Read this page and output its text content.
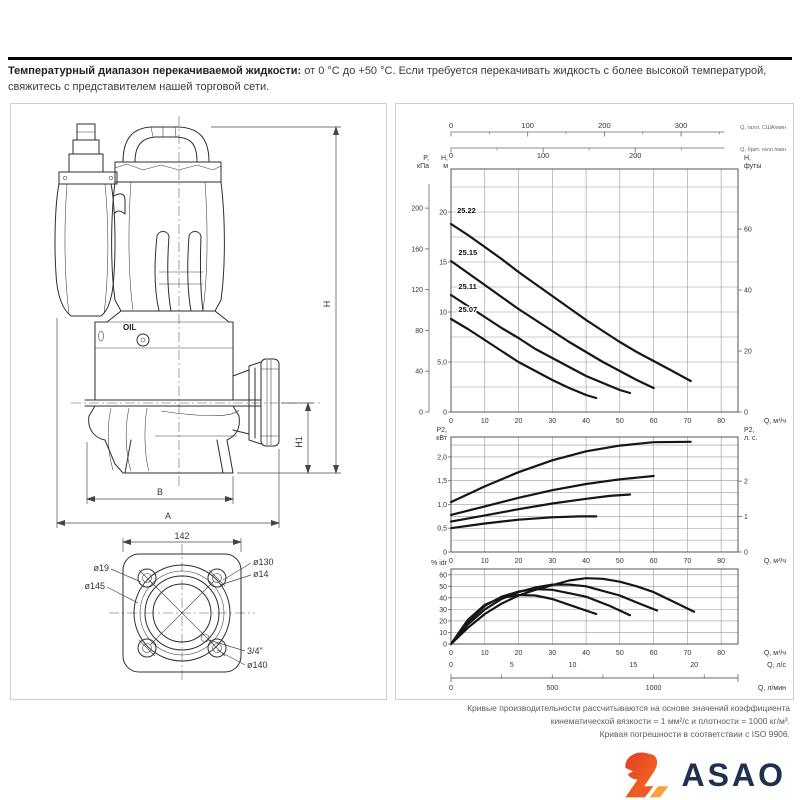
Температурный диапазон перекачиваемой жидкости: от 0 °C до +50 °C. Если требуется перекачивать жидкость с более высокой температурой, свяжитесь с представителем нашей торговой сети.
OIL
H
H1
B
A
142
ø19
ø145
ø130
ø14
3/4"
ø140
0	100	200	300	Q, галл. США/мин
0	100	200
Q, брит. галл./мин
25.22
25.15
25.11
25.07
0	10	20	30	40	50	60	70	80	Q, м³/ч
0	10	20	30	40	50	60	70	80	Q, м³/ч
0	10	20	30	40	50	60	70	80	Q, м³/ч
20
15
10
5,0
0
200
160
120
80
40
0
60
40
20
0
P,
кПа
H,
м
H,
футы
2,0
1,5
1,0
0,5
0
2
1
0
P2,
кВт
P2,
л. с.
60
50
40
30
20
10
0
% idr
0	5	10	15	20	Q, л/с
0	500	1000	Q, л/мин
Кривые производительности рассчитываются на основе значений коэффициента
кинематической вязкости = 1 мм²/с и плотности = 1000 кг/м³.
Кривая погрешности в соответствии с ISO 9906.
ASAO
